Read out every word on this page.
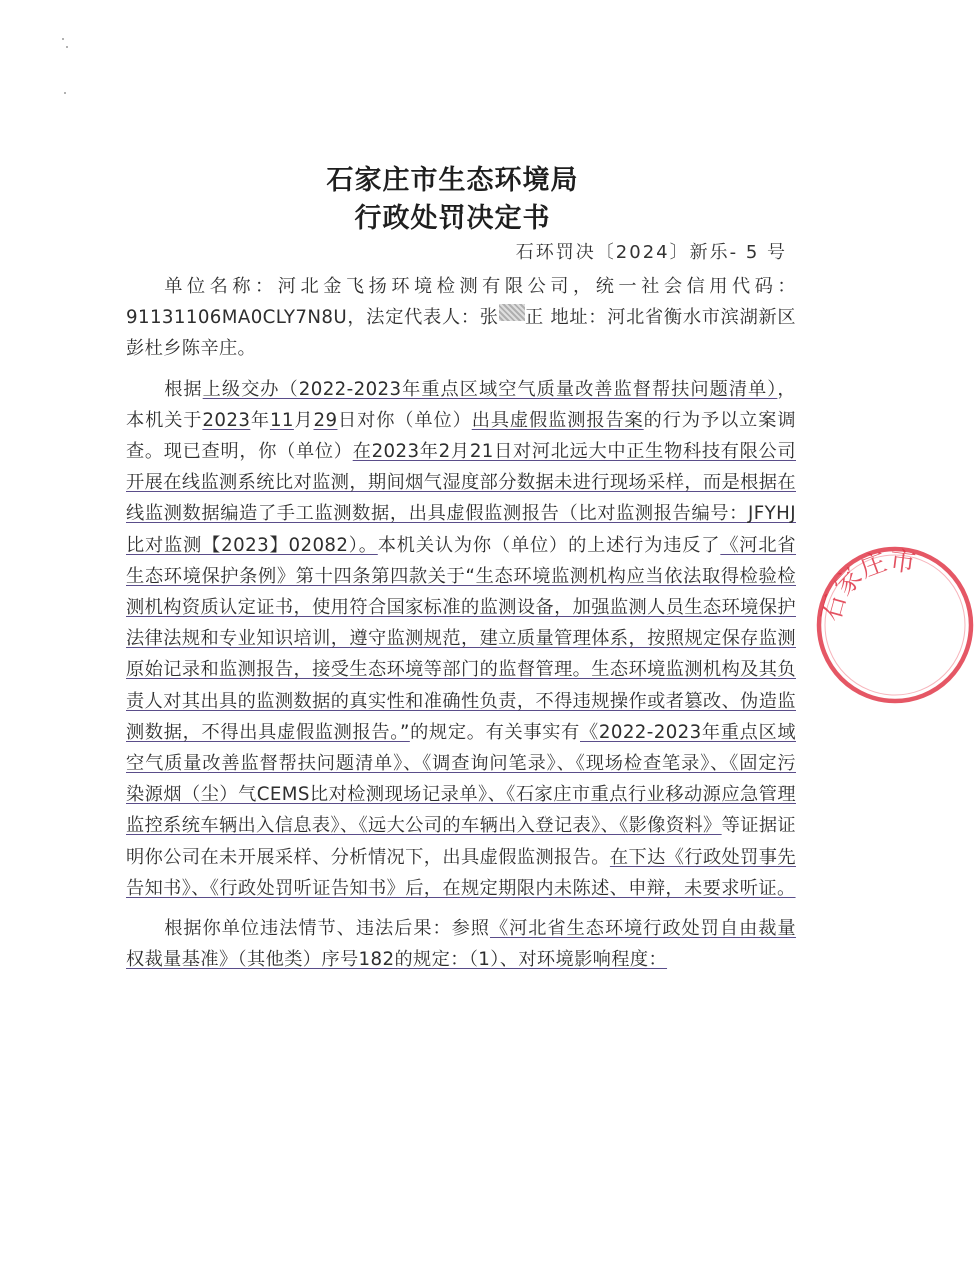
石家庄市生态环境局
行政处罚决定书
石环罚决〔2024〕新乐- 5 号

单位名称：河北金飞扬环境检测有限公司，统一社会信用代码：91131106MA0CLY7N8U，法定代表人：张 正 地址：河北省衡水市滨湖新区彭杜乡陈辛庄。

根据上级交办（2022-2023年重点区域空气质量改善监督帮扶问题清单），本机关于2023年11月29日对你（单位）出具虚假监测报告案的行为予以立案调查。现已查明，你（单位）在2023年2月21日对河北远大中正生物科技有限公司开展在线监测系统比对监测，期间烟气湿度部分数据未进行现场采样，而是根据在线监测数据编造了手工监测数据，出具虚假监测报告（比对监测报告编号：JFYHJ比对监测【2023】02082）。本机关认为你（单位）的上述行为违反了《河北省生态环境保护条例》第十四条第四款关于“生态环境监测机构应当依法取得检验检测机构资质认定证书，使用符合国家标准的监测设备，加强监测人员生态环境保护法律法规和专业知识培训，遵守监测规范，建立质量管理体系，按照规定保存监测原始记录和监测报告，接受生态环境等部门的监督管理。生态环境监测机构及其负责人对其出具的监测数据的真实性和准确性负责，不得违规操作或者篡改、伪造监测数据，不得出具虚假监测报告。”的规定。有关事实有《2022-2023年重点区域空气质量改善监督帮扶问题清单》、《调查询问笔录》、《现场检查笔录》、《固定污染源烟（尘）气CEMS比对检测现场记录单》、《石家庄市重点行业移动源应急管理监控系统车辆出入信息表》、《远大公司的车辆出入登记表》、《影像资料》等证据证明你公司在未开展采样、分析情况下，出具虚假监测报告。在下达《行政处罚事先告知书》、《行政处罚听证告知书》后，在规定期限内未陈述、申辩，未要求听证。

根据你单位违法情节、违法后果：参照《河北省生态环境行政处罚自由裁量权裁量基准》（其他类）序号182的规定：（1）、对环境影响程度：

石家庄市
